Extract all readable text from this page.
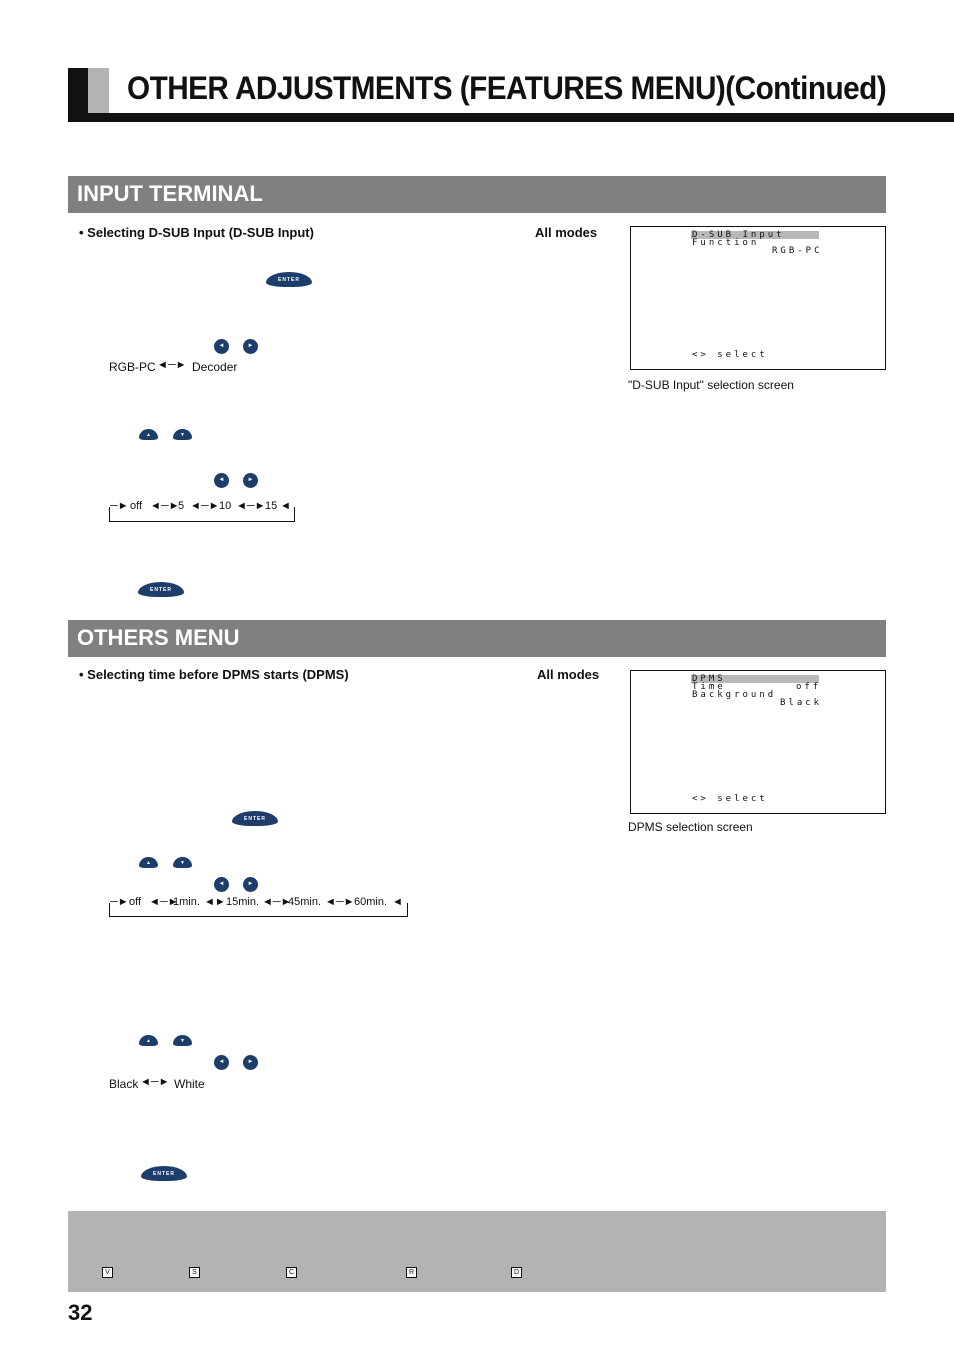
OTHER ADJUSTMENTS (FEATURES MENU)(Continued)
INPUT TERMINAL
• Selecting D-SUB Input (D-SUB Input)	All modes
ENTER
◄	►
RGB-PC ◄─► Decoder
▲	▼
◄	►
─► off ◄─►
5 ◄─► 10 ◄─► 15 ◄
ENTER
D-SUB Input
Function
RGB-PC
<> select
"D-SUB Input" selection screen
OTHERS MENU
• Selecting time before DPMS starts (DPMS)	All modes
ENTER
▲	▼
◄	►
─► off ◄─►
1min. ◄► 15min. ◄─►
45min. ◄─► 60min. ◄
▲	▼
◄	►
Black ◄─► White
ENTER
DPMS
Time	off
Background
Black
<> select
DPMS selection screen
V	S	C	R	D
32
